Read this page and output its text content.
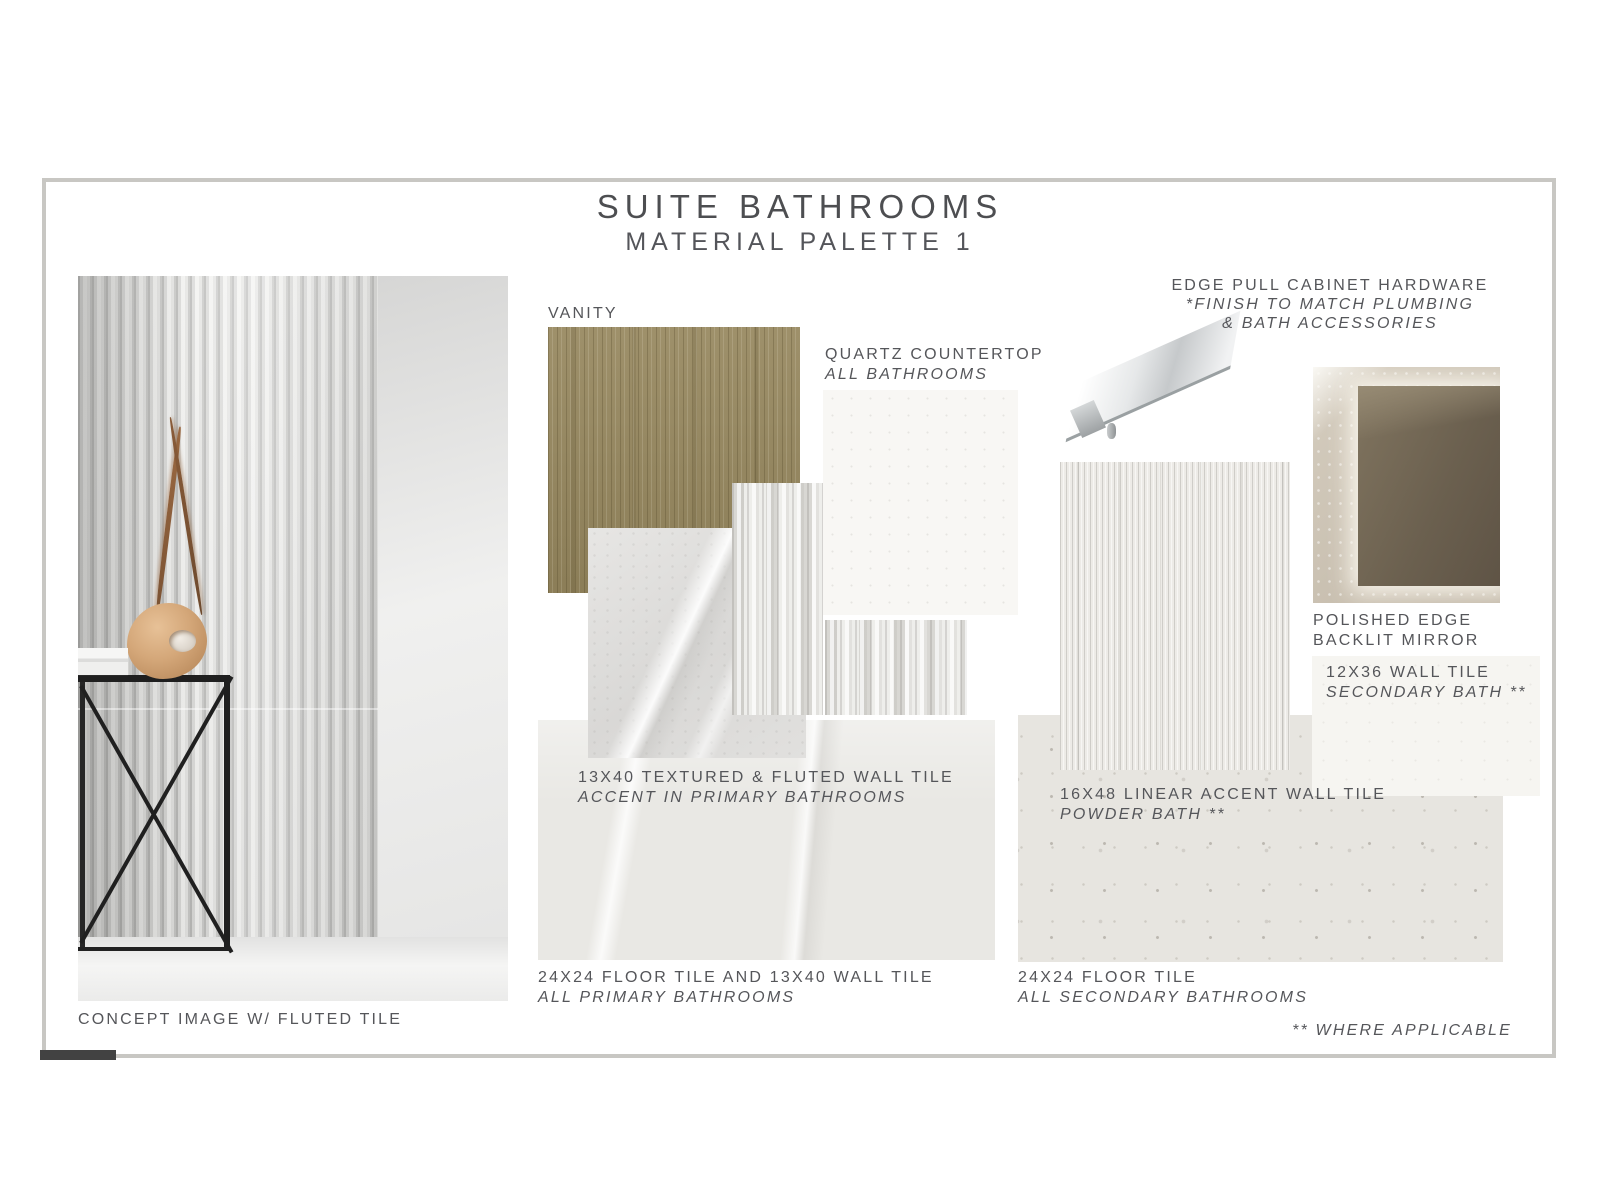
SUITE BATHROOMS
MATERIAL PALETTE 1
CONCEPT IMAGE W/ FLUTED TILE
VANITY
QUARTZ COUNTERTOP
ALL BATHROOMS
13X40 TEXTURED & FLUTED WALL TILE
ACCENT IN PRIMARY BATHROOMS
24X24 FLOOR TILE AND 13X40 WALL TILE
ALL PRIMARY BATHROOMS
EDGE PULL CABINET HARDWARE
*FINISH TO MATCH PLUMBING
& BATH ACCESSORIES
POLISHED EDGE
BACKLIT MIRROR
12X36 WALL TILE
SECONDARY BATH **
16X48 LINEAR ACCENT WALL TILE
POWDER BATH **
24X24 FLOOR TILE
ALL SECONDARY BATHROOMS
** WHERE APPLICABLE
